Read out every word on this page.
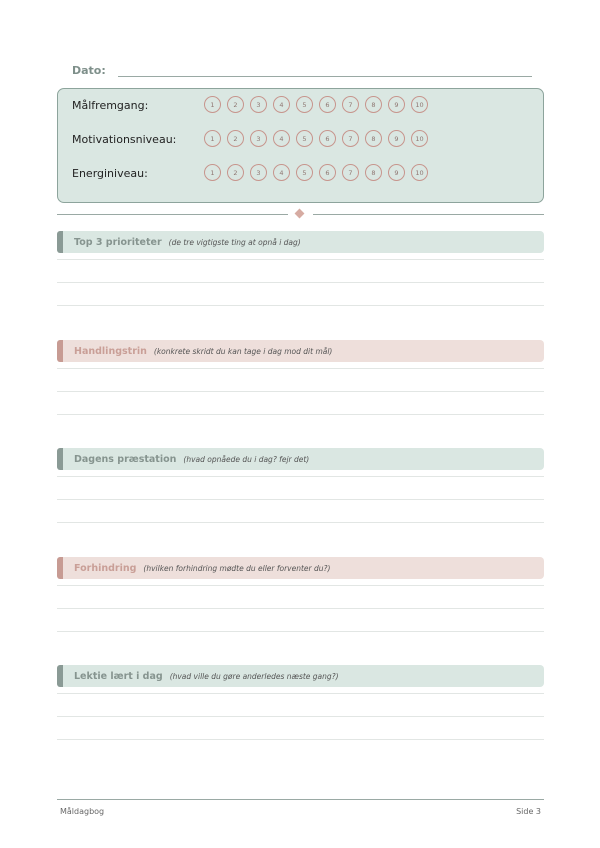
Dato:
Målfremgang:	1	2	3	4	5	6	7	8	9	10
Motivationsniveau:	1	2	3	4	5	6	7	8	9	10
Energiniveau:	1	2	3	4	5	6	7	8	9	10
Top 3 prioriteter (de tre vigtigste ting at opnå i dag)
Handlingstrin (konkrete skridt du kan tage i dag mod dit mål)
Dagens præstation (hvad opnåede du i dag? fejr det)
Forhindring (hvilken forhindring mødte du eller forventer du?)
Lektie lært i dag (hvad ville du gøre anderledes næste gang?)
Måldagbog	Side 3
